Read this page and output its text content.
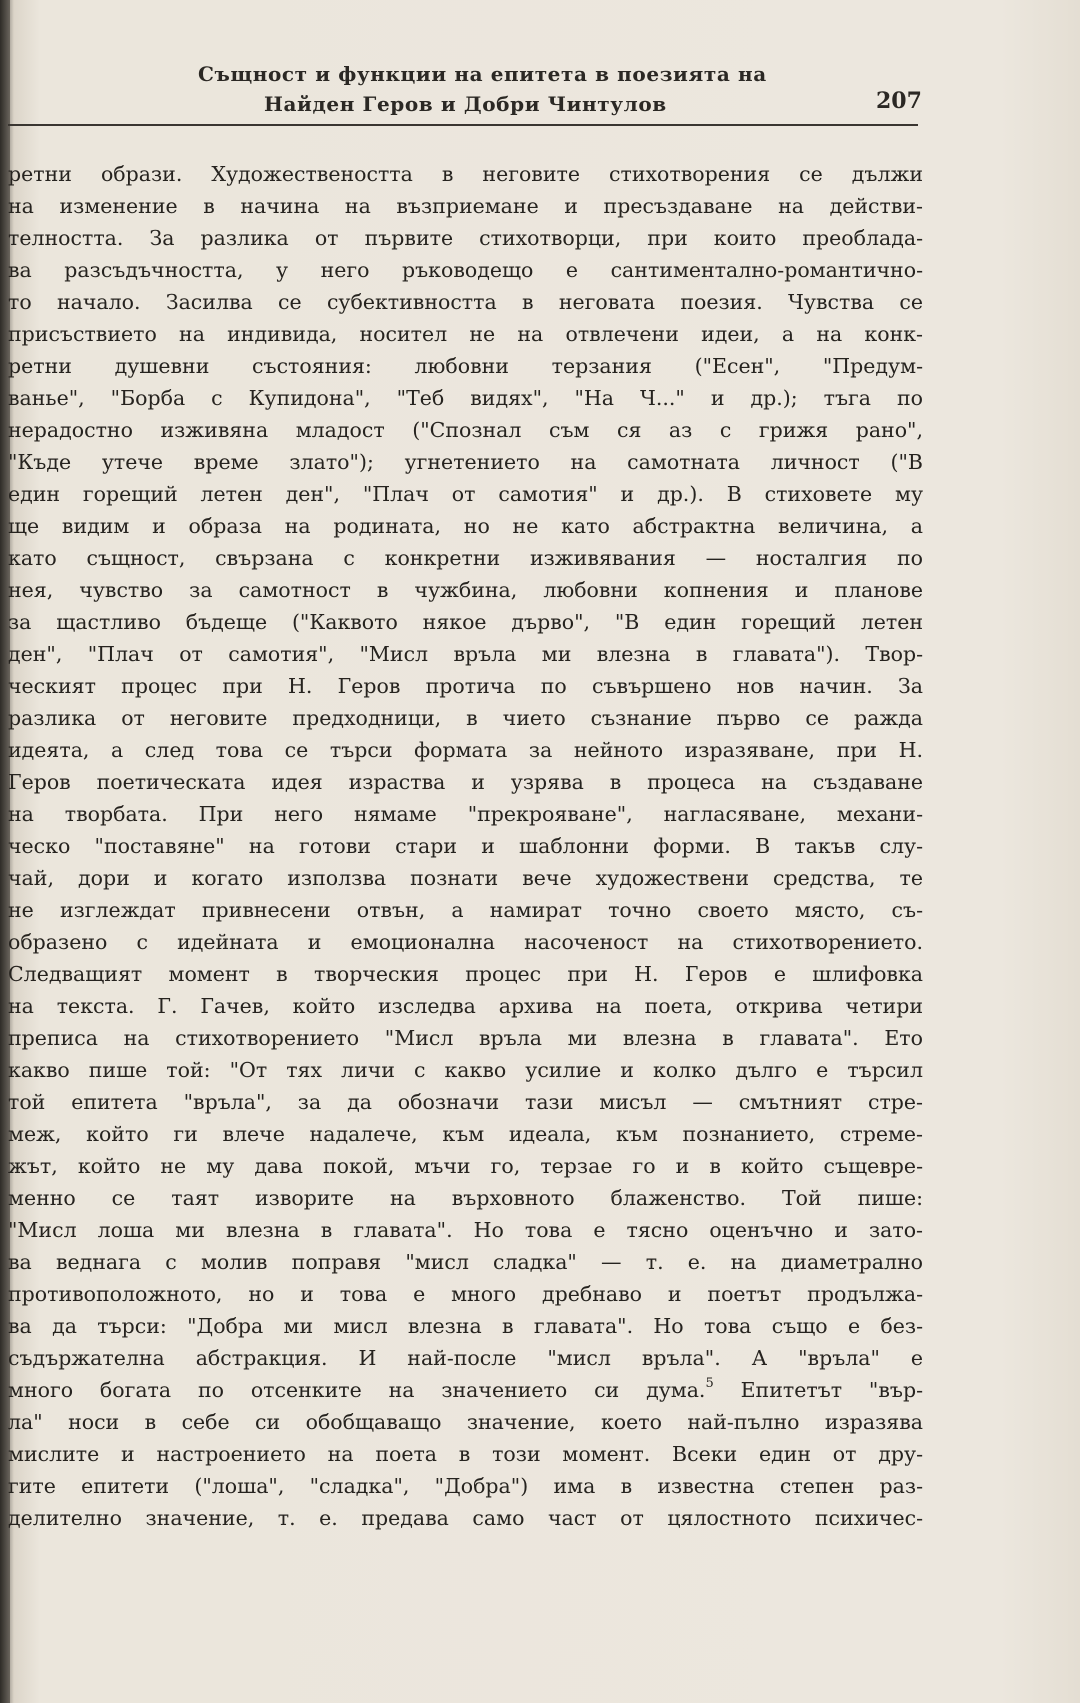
Същност и функции на епитета в поезията на
Найден Геров и Добри Чинтулов	207
ретни образи. Художествеността в неговите стихотворения се дължи
на изменение в начина на възприемане и пресъздаване на действи-
телността. За разлика от първите стихотворци, при които преоблада-
ва разсъдъчността, у него ръководещо е сантиментално-романтично-
то начало. Засилва се субективността в неговата поезия. Чувства се
присъствието на индивида, носител не на отвлечени идеи, а на конк-
ретни душевни състояния: любовни терзания ("Есен", "Предум-
ванье", "Борба с Купидона", "Теб видях", "На Ч..." и др.); тъга по
нерадостно изживяна младост ("Спознал съм ся аз с грижя рано",
"Къде утече време злато"); угнетението на самотната личност ("В
един горещий летен ден", "Плач от самотия" и др.). В стиховете му
ще видим и образа на родината, но не като абстрактна величина, а
като същност, свързана с конкретни изживявания — носталгия по
нея, чувство за самотност в чужбина, любовни копнения и планове
за щастливо бъдеще ("Каквото някое дърво", "В един горещий летен
ден", "Плач от самотия", "Мисл връла ми влезна в главата"). Твор-
ческият процес при Н. Геров протича по съвършено нов начин. За
разлика от неговите предходници, в чието съзнание първо се ражда
идеята, а след това се търси формата за нейното изразяване, при Н.
Геров поетическата идея израства и узрява в процеса на създаване
на творбата. При него нямаме "прекрояване", нагласяване, механи-
ческо "поставяне" на готови стари и шаблонни форми. В такъв слу-
чай, дори и когато използва познати вече художествени средства, те
не изглеждат привнесени отвън, а намират точно своето място, съ-
образено с идейната и емоционална насоченост на стихотворението.
Следващият момент в творческия процес при Н. Геров е шлифовка
на текста. Г. Гачев, който изследва архива на поета, открива четири
преписа на стихотворението "Мисл връла ми влезна в главата". Ето
какво пише той: "От тях личи с какво усилие и колко дълго е търсил
той епитета "връла", за да обозначи тази мисъл — смътният стре-
меж, който ги влече надалече, към идеала, към познанието, стреме-
жът, който не му дава покой, мъчи го, терзае го и в който същевре-
менно се таят изворите на върховното блаженство. Той пише:
"Мисл лоша ми влезна в главата". Но това е тясно оценъчно и зато-
ва веднага с молив поправя "мисл сладка" — т. е. на диаметрално
противоположното, но и това е много дребнаво и поетът продължа-
ва да търси: "Добра ми мисл влезна в главата". Но това също е без-
съдържателна абстракция. И най-после "мисл връла". А "връла" е
много богата по отсенките на значението си дума.$^5$ Епитетът "вър-
ла" носи в себе си обобщаващо значение, което най-пълно изразява
мислите и настроението на поета в този момент. Всеки един от дру-
гите епитети ("лоша", "сладка", "Добра") има в известна степен раз-
делително значение, т. е. предава само част от цялостното психичес-
